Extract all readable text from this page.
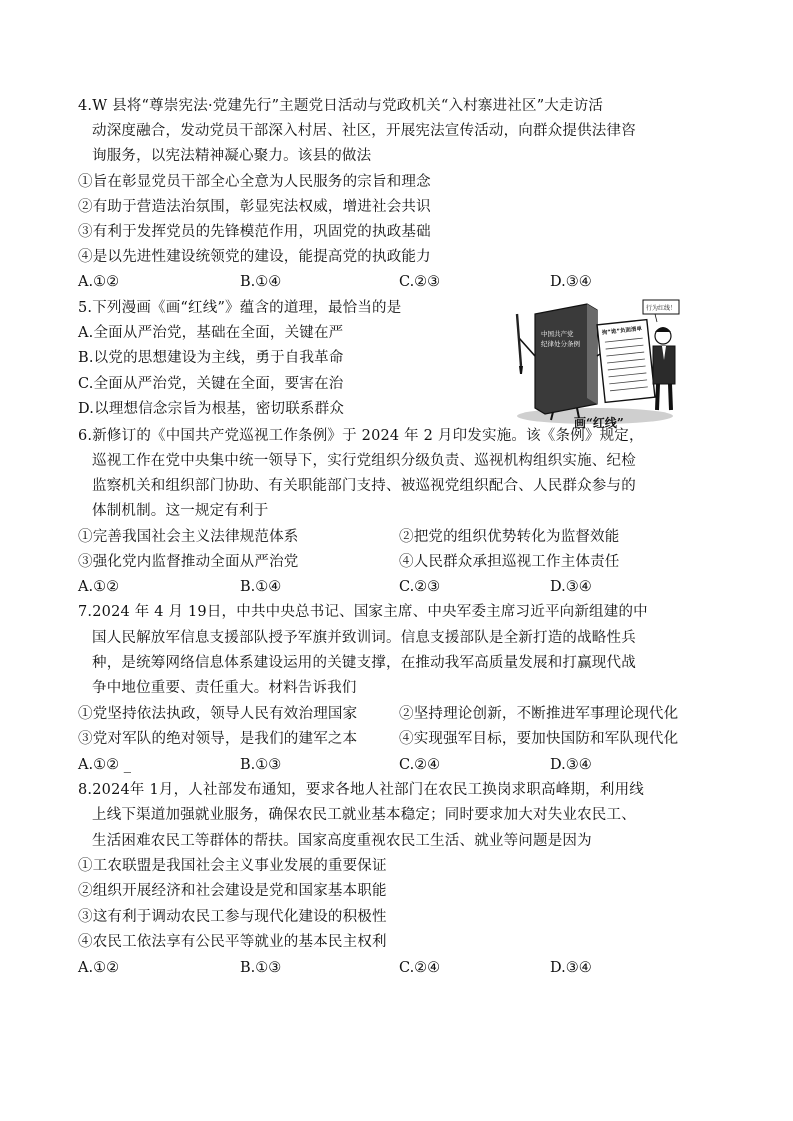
4.W 县将“尊崇宪法·党建先行”主题党日活动与党政机关“入村寨进社区”大走访活
动深度融合，发动党员干部深入村居、社区，开展宪法宣传活动，向群众提供法律咨
询服务，以宪法精神凝心聚力。该县的做法
①旨在彰显党员干部全心全意为人民服务的宗旨和理念
②有助于营造法治氛围，彰显宪法权威，增进社会共识
③有利于发挥党员的先锋模范作用，巩固党的执政基础
④是以先进性建设统领党的建设，能提高党的执政能力
A.①②	B.①④	C.②③	D.③④
5.下列漫画《画“红线”》蕴含的道理，最恰当的是
A.全面从严治党，基础在全面，关键在严
B.以党的思想建设为主线，勇于自我革命
C.全面从严治党，关键在全面，要害在治
D.以理想信念宗旨为根基，密切联系群众
中国共产党 纪律处分条例
拘“诡”负面清单
行为红线！
画“红线”
6.新修订的《中国共产党巡视工作条例》于 2024 年 2 月印发实施。该《条例》规定，
巡视工作在党中央集中统一领导下，实行党组织分级负责、巡视机构组织实施、纪检
监察机关和组织部门协助、有关职能部门支持、被巡视党组织配合、人民群众参与的
体制机制。这一规定有利于
①完善我国社会主义法律规范体系	②把党的组织优势转化为监督效能
③强化党内监督推动全面从严治党	④人民群众承担巡视工作主体责任
A.①②	B.①④	C.②③	D.③④
7.2024 年 4 月 19日，中共中央总书记、国家主席、中央军委主席习近平向新组建的中
国人民解放军信息支援部队授予军旗并致训词。信息支援部队是全新打造的战略性兵
种，是统筹网络信息体系建设运用的关键支撑，在推动我军高质量发展和打赢现代战
争中地位重要、责任重大。材料告诉我们
①党坚持依法执政，领导人民有效治理国家	②坚持理论创新，不断推进军事理论现代化
③党对军队的绝对领导，是我们的建军之本	④实现强军目标，要加快国防和军队现代化
A.①② _	B.①③	C.②④	D.③④
8.2024年 1月，人社部发布通知，要求各地人社部门在农民工换岗求职高峰期，利用线
上线下渠道加强就业服务，确保农民工就业基本稳定；同时要求加大对失业农民工、
生活困难农民工等群体的帮扶。国家高度重视农民工生活、就业等问题是因为
①工农联盟是我国社会主义事业发展的重要保证
②组织开展经济和社会建设是党和国家基本职能
③这有利于调动农民工参与现代化建设的积极性
④农民工依法享有公民平等就业的基本民主权利
A.①②	B.①③	C.②④	D.③④
